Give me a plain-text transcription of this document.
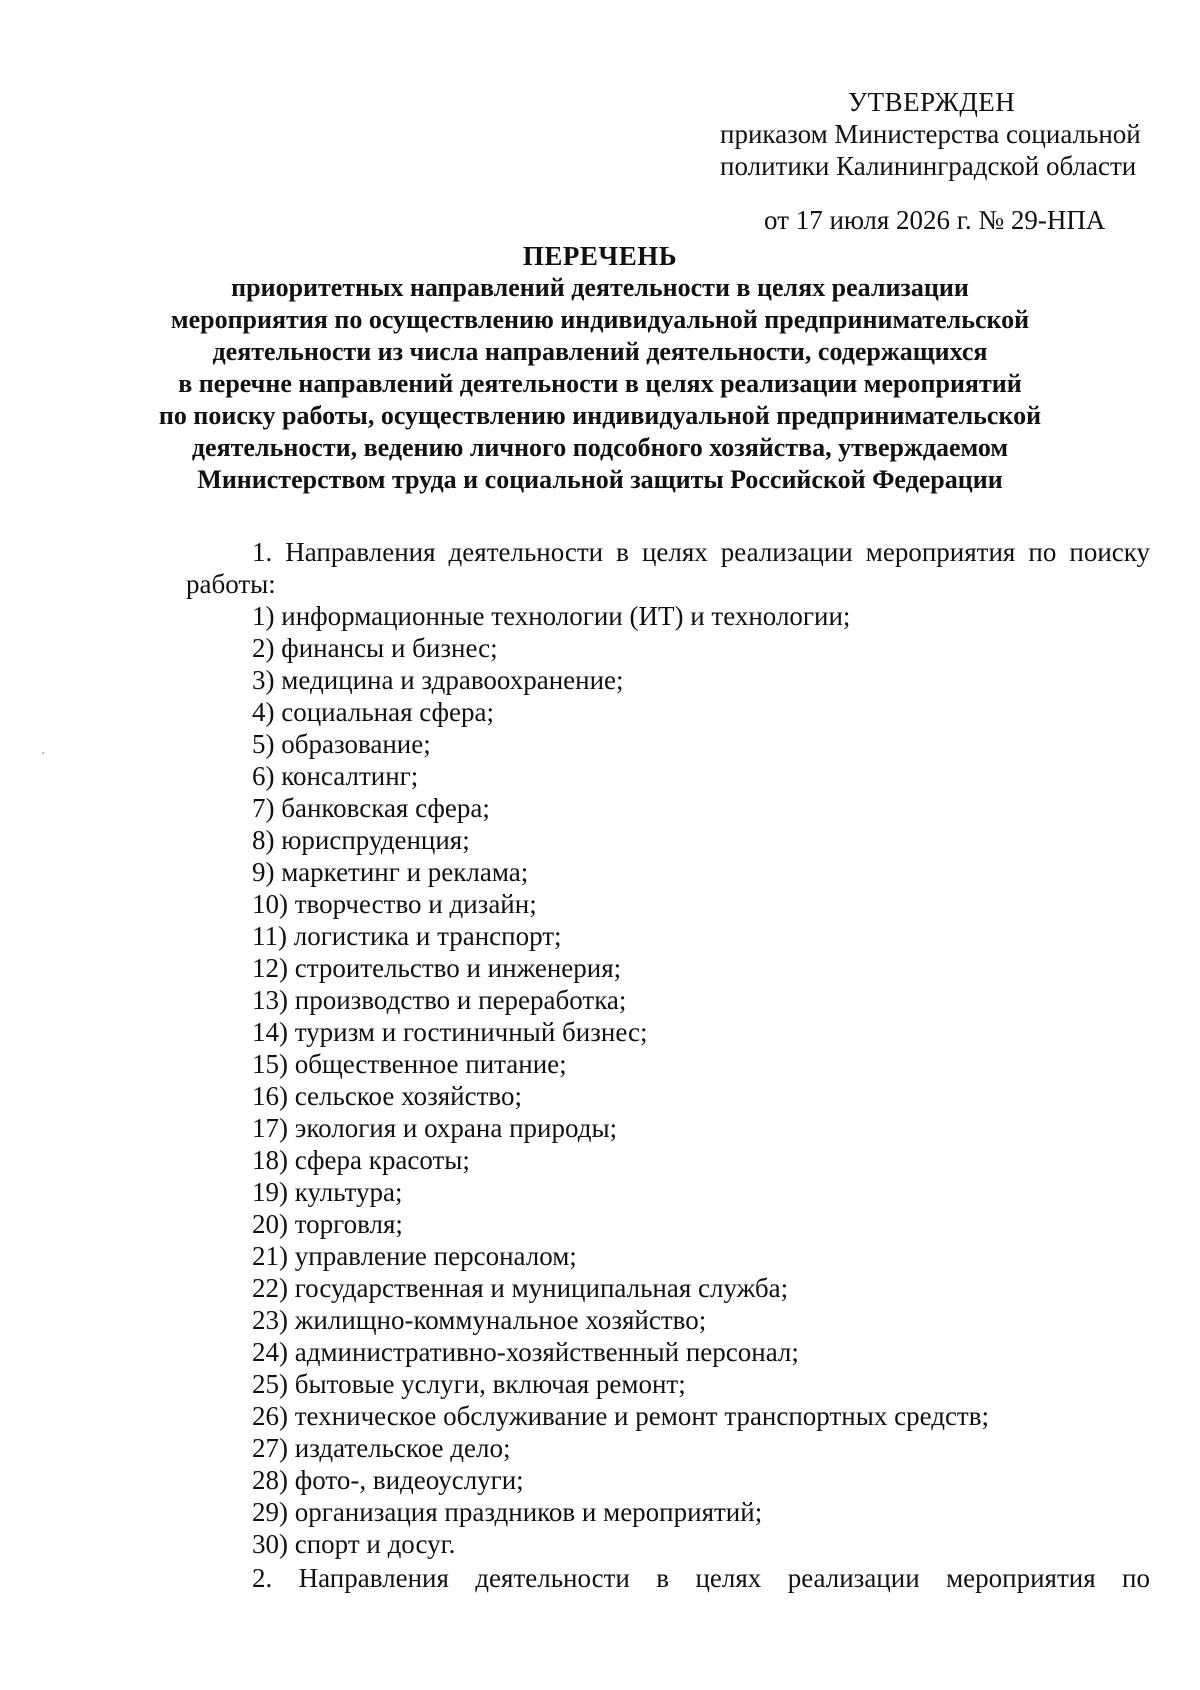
УТВЕРЖДЕН
приказом Министерства социальной
политики Калининградской области
от 17 июля 2026 г. № 29-НПА
ПЕРЕЧЕНЬ
приоритетных направлений деятельности в целях реализации
мероприятия по осуществлению индивидуальной предпринимательской
деятельности из числа направлений деятельности, содержащихся
в перечне направлений деятельности в целях реализации мероприятий
по поиску работы, осуществлению индивидуальной предпринимательской
деятельности, ведению личного подсобного хозяйства, утверждаемом
Министерством труда и социальной защиты Российской Федерации
1. Направления деятельности в целях реализации мероприятия по поиску работы:
1) информационные технологии (ИТ) и технологии;
2) финансы и бизнес;
3) медицина и здравоохранение;
4) социальная сфера;
5) образование;
6) консалтинг;
7) банковская сфера;
8) юриспруденция;
9) маркетинг и реклама;
10) творчество и дизайн;
11) логистика и транспорт;
12) строительство и инженерия;
13) производство и переработка;
14) туризм и гостиничный бизнес;
15) общественное питание;
16) сельское хозяйство;
17) экология и охрана природы;
18) сфера красоты;
19) культура;
20) торговля;
21) управление персоналом;
22) государственная и муниципальная служба;
23) жилищно-коммунальное хозяйство;
24) административно-хозяйственный персонал;
25) бытовые услуги, включая ремонт;
26) техническое обслуживание и ремонт транспортных средств;
27) издательское дело;
28) фото-, видеоуслуги;
29) организация праздников и мероприятий;
30) спорт и досуг.
2. Направления деятельности в целях реализации мероприятия по
